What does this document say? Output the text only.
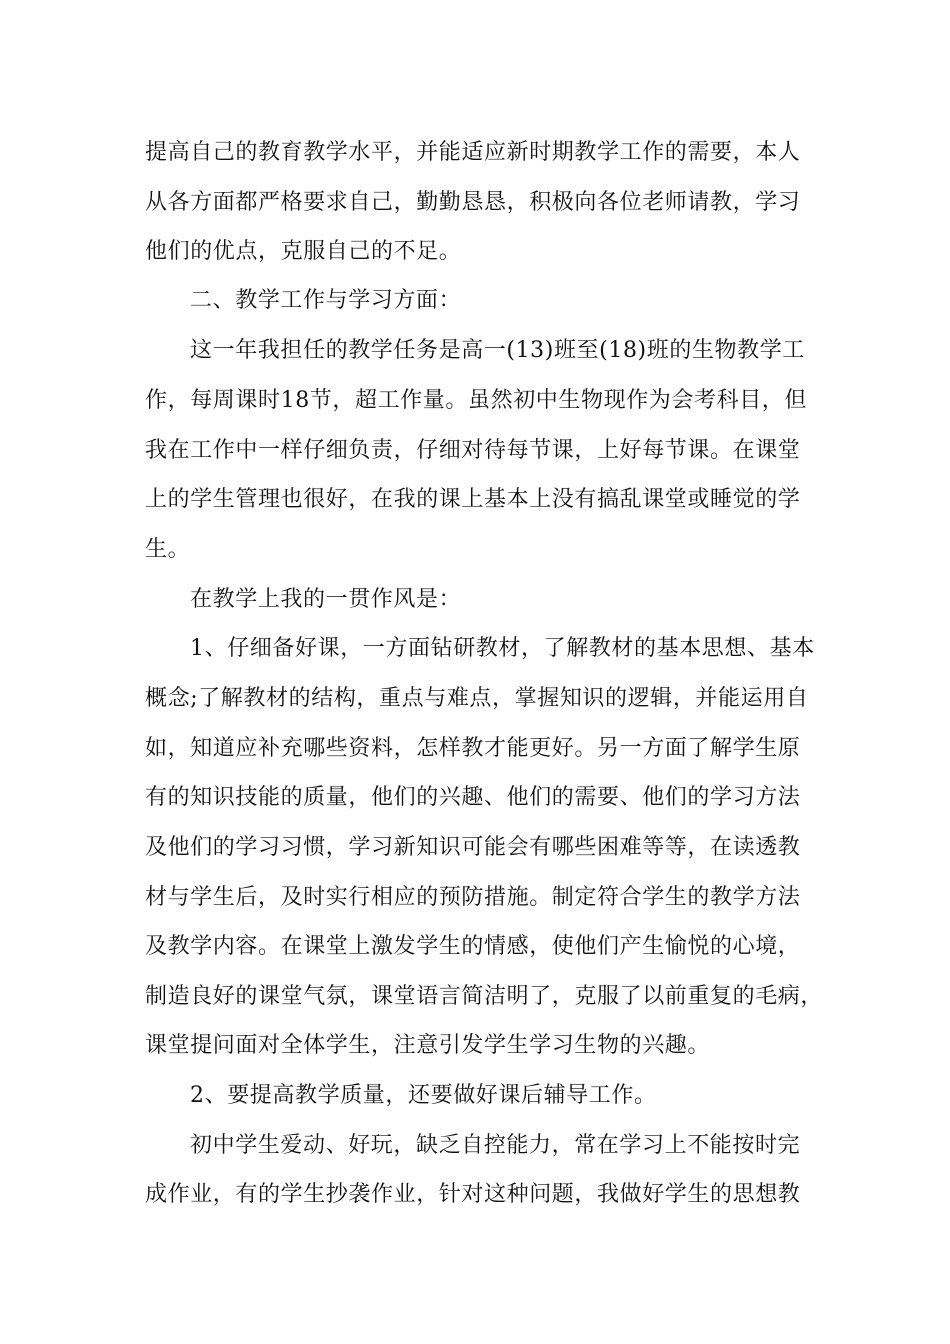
提高自己的教育教学水平，并能适应新时期教学工作的需要，本人
从各方面都严格要求自己，勤勤恳恳，积极向各位老师请教，学习
他们的优点，克服自己的不足。
二、教学工作与学习方面：
这一年我担任的教学任务是高一(13)班至(18)班的生物教学工
作，每周课时18节，超工作量。虽然初中生物现作为会考科目，但
我在工作中一样仔细负责，仔细对待每节课，上好每节课。在课堂
上的学生管理也很好，在我的课上基本上没有搞乱课堂或睡觉的学
生。
在教学上我的一贯作风是：
1、仔细备好课，一方面钻研教材，了解教材的基本思想、基本
概念;了解教材的结构，重点与难点，掌握知识的逻辑，并能运用自
如，知道应补充哪些资料，怎样教才能更好。另一方面了解学生原
有的知识技能的质量，他们的兴趣、他们的需要、他们的学习方法
及他们的学习习惯，学习新知识可能会有哪些困难等等，在读透教
材与学生后，及时实行相应的预防措施。制定符合学生的教学方法
及教学内容。在课堂上激发学生的情感，使他们产生愉悦的心境，
制造良好的课堂气氛，课堂语言简洁明了，克服了以前重复的毛病，
课堂提问面对全体学生，注意引发学生学习生物的兴趣。
2、要提高教学质量，还要做好课后辅导工作。
初中学生爱动、好玩，缺乏自控能力，常在学习上不能按时完
成作业，有的学生抄袭作业，针对这种问题，我做好学生的思想教
